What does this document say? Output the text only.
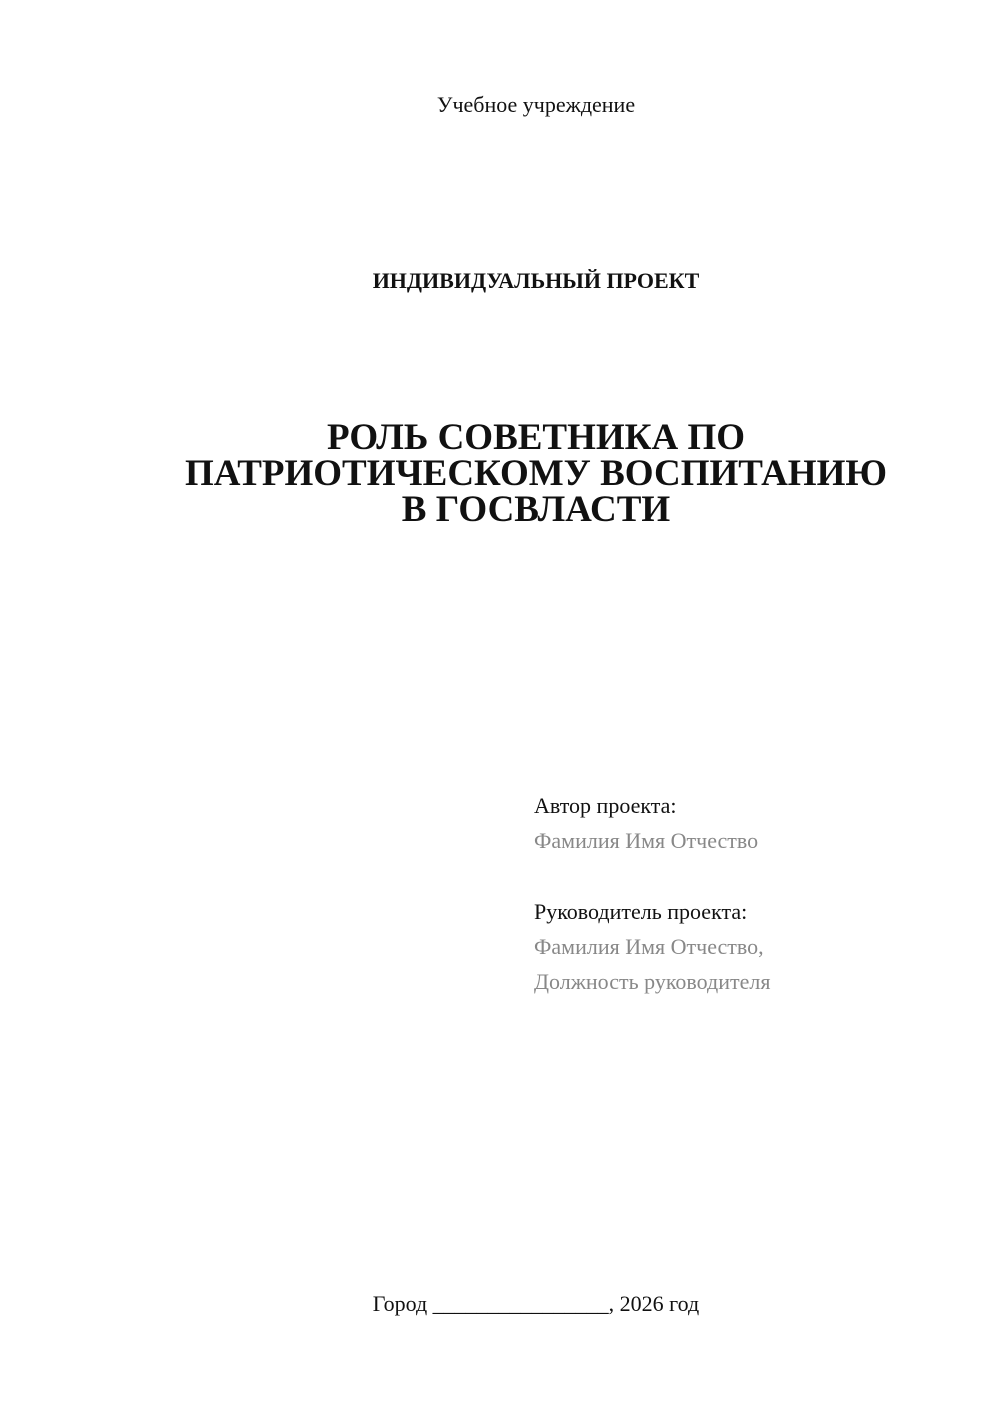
Учебное учреждение
ИНДИВИДУАЛЬНЫЙ ПРОЕКТ
РОЛЬ СОВЕТНИКА ПО
ПАТРИОТИЧЕСКОМУ ВОСПИТАНИЮ
В ГОСВЛАСТИ
Автор проекта:
Фамилия Имя Отчество
Руководитель проекта:
Фамилия Имя Отчество,
Должность руководителя
Город ________________, 2026 год
